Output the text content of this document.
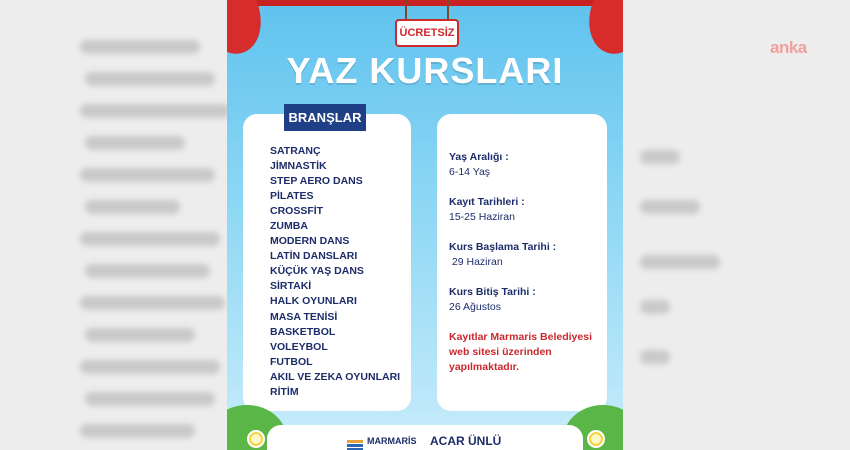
anka
ÜCRETSİZ
YAZ KURSLARI
BRANŞLAR
SATRANÇ
JİMNASTİK
STEP AERO DANS
PİLATES
CROSSFİT
ZUMBA
MODERN DANS
LATİN DANSLARI
KÜÇÜK YAŞ DANS
SİRTAKİ
HALK OYUNLARI
MASA TENİSİ
BASKETBOL
VOLEYBOL
FUTBOL
AKIL VE ZEKA OYUNLARI
RİTİM
Yaş Aralığı :
6-14 Yaş
Kayıt Tarihleri :
15-25 Haziran
Kurs Başlama Tarihi :
29 Haziran
Kurs Bitiş Tarihi :
26 Ağustos
Kayıtlar Marmaris Belediyesi web sitesi üzerinden yapılmaktadır.
MARMARİS ACAR ÜNLÜ
